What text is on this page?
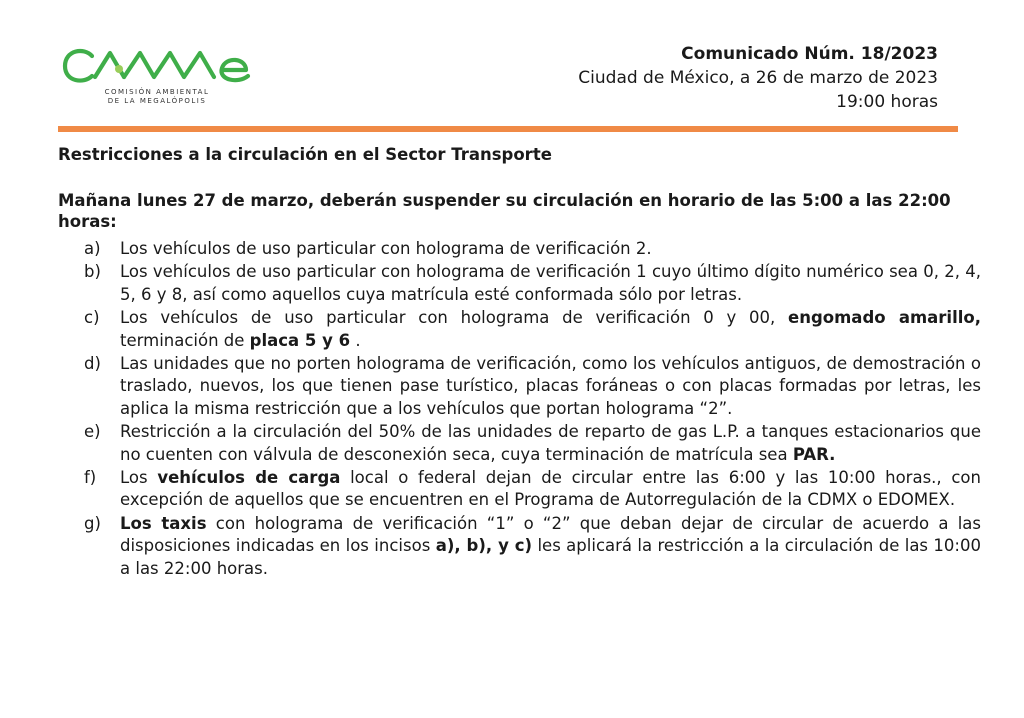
COMISIÓN AMBIENTAL
DE LA MEGALÓPOLIS
Comunicado Núm. 18/2023
Ciudad de México, a 26 de marzo de 2023
19:00 horas
Restricciones a la circulación en el Sector Transporte
Mañana lunes 27 de marzo, deberán suspender su circulación en horario de las 5:00 a las 22:00 horas:
a)	Los vehículos de uso particular con holograma de verificación 2.
b)	Los vehículos de uso particular con holograma de verificación 1 cuyo último dígito numérico sea 0, 2, 4, 5, 6 y 8, así como aquellos cuya matrícula esté conformada sólo por letras.
c)	Los vehículos de uso particular con holograma de verificación 0 y 00, engomado amarillo, terminación de placa 5 y 6 .
d)	Las unidades que no porten holograma de verificación, como los vehículos antiguos, de demostración o traslado, nuevos, los que tienen pase turístico, placas foráneas o con placas formadas por letras, les aplica la misma restricción que a los vehículos que portan holograma “2”.
e)	Restricción a la circulación del 50% de las unidades de reparto de gas L.P. a tanques estacionarios que no cuenten con válvula de desconexión seca, cuya terminación de matrícula sea PAR.
f)	Los vehículos de carga local o federal dejan de circular entre las 6:00 y las 10:00 horas., con excepción de aquellos que se encuentren en el Programa de Autorregulación de la CDMX o EDOMEX.
g)	Los taxis con holograma de verificación “1” o “2” que deban dejar de circular de acuerdo a las disposiciones indicadas en los incisos a), b), y c) les aplicará la restricción a la circulación de las 10:00 a las 22:00 horas.
